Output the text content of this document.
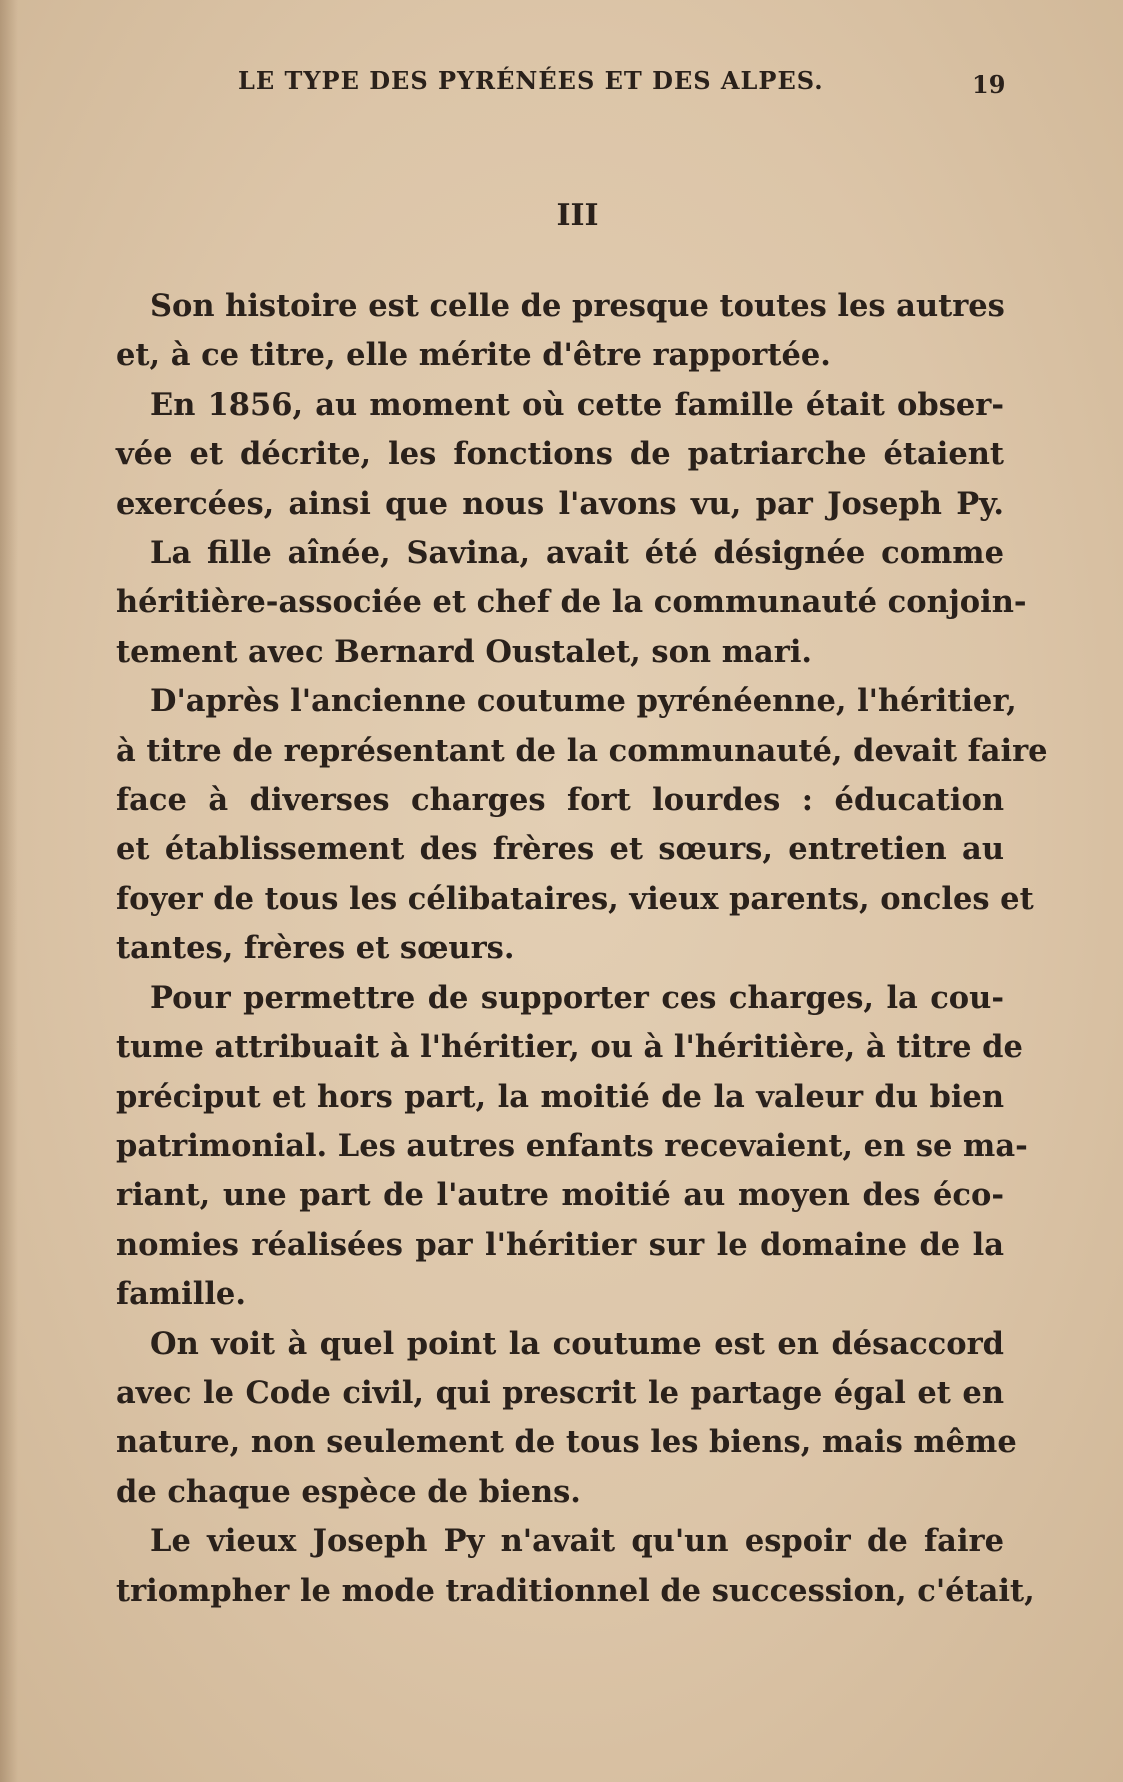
LE TYPE DES PYRÉNÉES ET DES ALPES.	19
III

Son histoire est celle de presque toutes les autres
et, à ce titre, elle mérite d'être rapportée.

En 1856, au moment où cette famille était obser-
vée et décrite, les fonctions de patriarche étaient
exercées, ainsi que nous l'avons vu, par Joseph Py.

La fille aînée, Savina, avait été désignée comme
héritière-associée et chef de la communauté conjoin-
tement avec Bernard Oustalet, son mari.

D'après l'ancienne coutume pyrénéenne, l'héritier,
à titre de représentant de la communauté, devait faire
face à diverses charges fort lourdes : éducation
et établissement des frères et sœurs, entretien au
foyer de tous les célibataires, vieux parents, oncles et
tantes, frères et sœurs.

Pour permettre de supporter ces charges, la cou-
tume attribuait à l'héritier, ou à l'héritière, à titre de
préciput et hors part, la moitié de la valeur du bien
patrimonial. Les autres enfants recevaient, en se ma-
riant, une part de l'autre moitié au moyen des éco-
nomies réalisées par l'héritier sur le domaine de la
famille.

On voit à quel point la coutume est en désaccord
avec le Code civil, qui prescrit le partage égal et en
nature, non seulement de tous les biens, mais même
de chaque espèce de biens.

Le vieux Joseph Py n'avait qu'un espoir de faire
triompher le mode traditionnel de succession, c'était,
